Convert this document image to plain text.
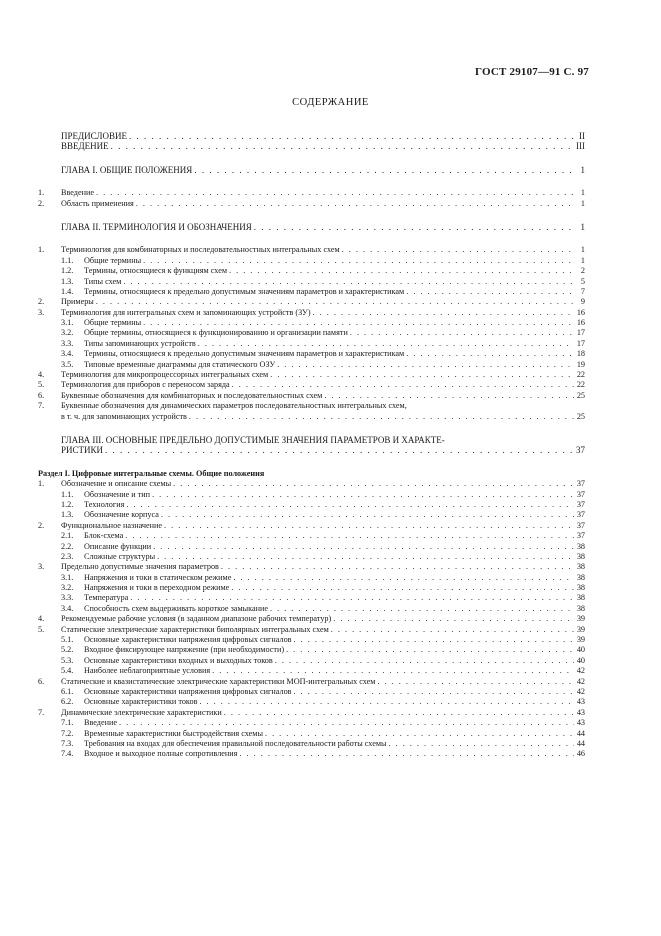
ГОСТ 29107—91 С. 97
СОДЕРЖАНИЕ
ПРЕДИСЛОВИЕ . . .	II
ВВЕДЕНИЕ . . .	III
ГЛАВА I. ОБЩИЕ ПОЛОЖЕНИЯ . . .	1
1. Введение . . .	1
2. Область применения . . .	1
ГЛАВА II. ТЕРМИНОЛОГИЯ И ОБОЗНАЧЕНИЯ . . .	1
1. Терминология для комбинаторных и последовательностных интегральных схем . . .	1
1.1. Общие термины . . .	1
1.2. Термины, относящиеся к функциям схем . . .	2
1.3. Типы схем . . .	5
1.4. Термины, относящиеся к предельно допустимым значениям параметров и характеристикам . . .	7
2. Примеры . . .	9
3. Терминология для интегральных схем и запоминающих устройств (ЗУ) . . .	16
3.1. Общие термины . . .	16
3.2. Общие термины, относящиеся к функционированию и организации памяти . . .	17
3.3. Типы запоминающих устройств . . .	17
3.4. Термины, относящиеся к предельно допустимым значениям параметров и характеристикам . . .	18
3.5. Типовые временные диаграммы для статического ОЗУ . . .	19
4. Терминология для микропроцессорных интегральных схем . . .	22
5. Терминология для приборов с переносом заряда . . .	22
6. Буквенные обозначения для комбинаторных и последовательностных схем . . .	25
7. Буквенные обозначения для динамических параметров последовательностных интегральных схем,
в т. ч. для запоминающих устройств . . .	25
ГЛАВА III. ОСНОВНЫЕ ПРЕДЕЛЬНО ДОПУСТИМЫЕ ЗНАЧЕНИЯ ПАРАМЕТРОВ И ХАРАКТЕ-
РИСТИКИ . . .	37
Раздел I. Цифровые интегральные схемы. Общие положения
1. Обозначение и описание схемы . . .	37
1.1. Обозначение и тип . . .	37
1.2. Технология . . .	37
1.3. Обозначение корпуса . . .	37
2. Функциональное назначение . . .	37
2.1. Блок-схема . . .	37
2.2. Описание функции . . .	38
2.3. Сложные структуры . . .	38
3. Предельно допустимые значения параметров . . .	38
3.1. Напряжения и токи в статическом режиме . . .	38
3.2. Напряжения и токи в переходном режиме . . .	38
3.3. Температура . . .	38
3.4. Способность схем выдерживать короткое замыкание . . .	38
4. Рекомендуемые рабочие условия (в заданном диапазоне рабочих температур) . . .	39
5. Статические электрические характеристики биполярных интегральных схем . . .	39
5.1. Основные характеристики напряжения цифровых сигналов . . .	39
5.2. Входное фиксирующее напряжение (при необходимости) . . .	40
5.3. Основные характеристики входных и выходных токов . . .	40
5.4. Наиболее неблагоприятные условия . . .	42
6. Статические и квазистатические электрические характеристики МОП-интегральных схем . . .	42
6.1. Основные характеристики напряжения цифровых сигналов . . .	42
6.2. Основные характеристики токов . . .	43
7. Динамические электрические характеристики . . .	43
7.1. Введение . . .	43
7.2. Временные характеристики быстродействия схемы . . .	44
7.3. Требования на входах для обеспечения правильной последовательности работы схемы . . .	44
7.4. Входное и выходное полные сопротивления . . .	46
